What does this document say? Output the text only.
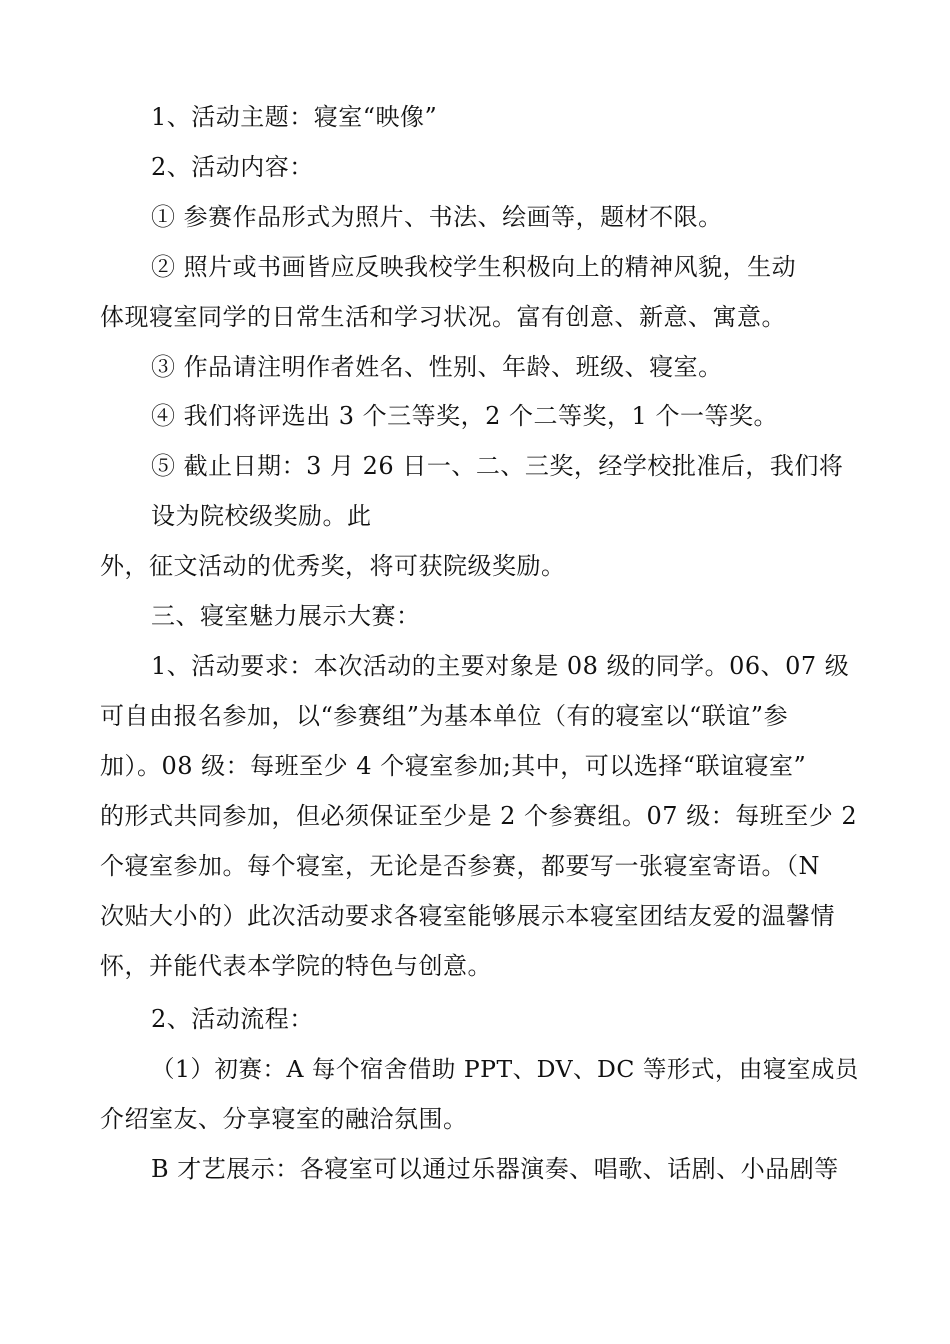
1、活动主题：寝室“映像”
2、活动内容：
① 参赛作品形式为照片、书法、绘画等，题材不限。
② 照片或书画皆应反映我校学生积极向上的精神风貌，生动
体现寝室同学的日常生活和学习状况。富有创意、新意、寓意。
③ 作品请注明作者姓名、性别、年龄、班级、寝室。
④ 我们将评选出 3 个三等奖，2 个二等奖，1 个一等奖。
⑤ 截止日期：3 月 26 日一、二、三奖，经学校批准后，我们将
设为院校级奖励。此
外，征文活动的优秀奖，将可获院级奖励。
三、寝室魅力展示大赛：
1、活动要求：本次活动的主要对象是 08 级的同学。06、07 级
可自由报名参加，以“参赛组”为基本单位（有的寝室以“联谊”参
加）。08 级：每班至少 4 个寝室参加;其中，可以选择“联谊寝室”
的形式共同参加，但必须保证至少是 2 个参赛组。07 级：每班至少 2
个寝室参加。每个寝室，无论是否参赛，都要写一张寝室寄语。（N
次贴大小的）此次活动要求各寝室能够展示本寝室团结友爱的温馨情
怀，并能代表本学院的特色与创意。
2、活动流程：
（1）初赛：A 每个宿舍借助 PPT、DV、DC 等形式，由寝室成员
介绍室友、分享寝室的融洽氛围。
B 才艺展示：各寝室可以通过乐器演奏、唱歌、话剧、小品剧等
